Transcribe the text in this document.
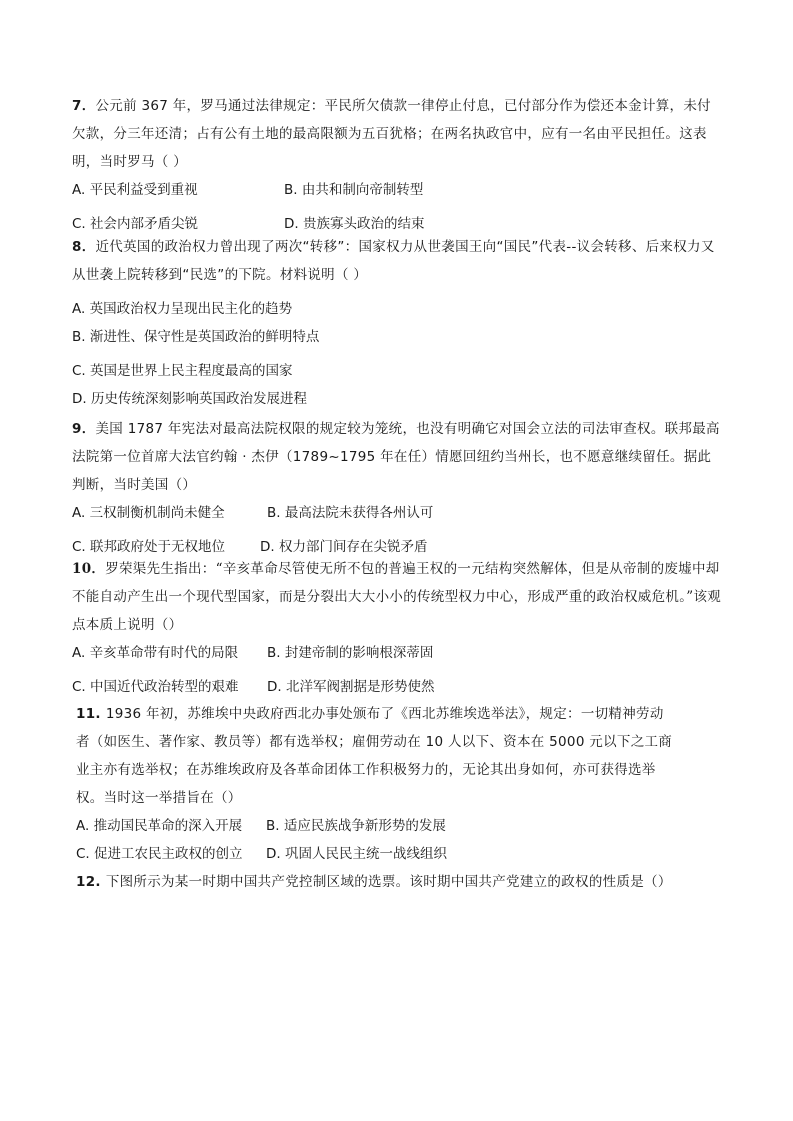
7．公元前 367 年，罗马通过法律规定：平民所欠债款一律停止付息，已付部分作为偿还本金计算，未付欠款，分三年还清；占有公有土地的最高限额为五百犹格；在两名执政官中，应有一名由平民担任。这表明，当时罗马（ ）

A. 平民利益受到重视	B. 由共和制向帝制转型
C. 社会内部矛盾尖锐	D. 贵族寡头政治的结束

8．近代英国的政治权力曾出现了两次“转移”：国家权力从世袭国王向“国民”代表--议会转移、后来权力又从世袭上院转移到“民选”的下院。材料说明（ ）

A. 英国政治权力呈现出民主化的趋势
B. 渐进性、保守性是英国政治的鲜明特点
C. 英国是世界上民主程度最高的国家
D. 历史传统深刻影响英国政治发展进程

9．美国 1787 年宪法对最高法院权限的规定较为笼统，也没有明确它对国会立法的司法审查权。联邦最高法院第一位首席大法官约翰 · 杰伊（1789~1795 年在任）情愿回纽约当州长，也不愿意继续留任。据此判断，当时美国（）

A. 三权制衡机制尚未健全	B. 最高法院未获得各州认可
C. 联邦政府处于无权地位	D. 权力部门间存在尖锐矛盾

10．罗荣渠先生指出：“辛亥革命尽管使无所不包的普遍王权的一元结构突然解体，但是从帝制的废墟中却不能自动产生出一个现代型国家，而是分裂出大大小小的传统型权力中心，形成严重的政治权威危机。”该观点本质上说明（）

A. 辛亥革命带有时代的局限	B. 封建帝制的影响根深蒂固
C. 中国近代政治转型的艰难	D. 北洋军阀割据是形势使然

11. 1936 年初，苏维埃中央政府西北办事处颁布了《西北苏维埃选举法》，规定：一切精神劳动者（如医生、著作家、教员等）都有选举权；雇佣劳动在 10 人以下、资本在 5000 元以下之工商业主亦有选举权；在苏维埃政府及各革命团体工作积极努力的，无论其出身如何，亦可获得选举权。当时这一举措旨在（）

A. 推动国民革命的深入开展	B. 适应民族战争新形势的发展
C. 促进工农民主政权的创立	D. 巩固人民民主统一战线组织

12. 下图所示为某一时期中国共产党控制区域的选票。该时期中国共产党建立的政权的性质是（）
